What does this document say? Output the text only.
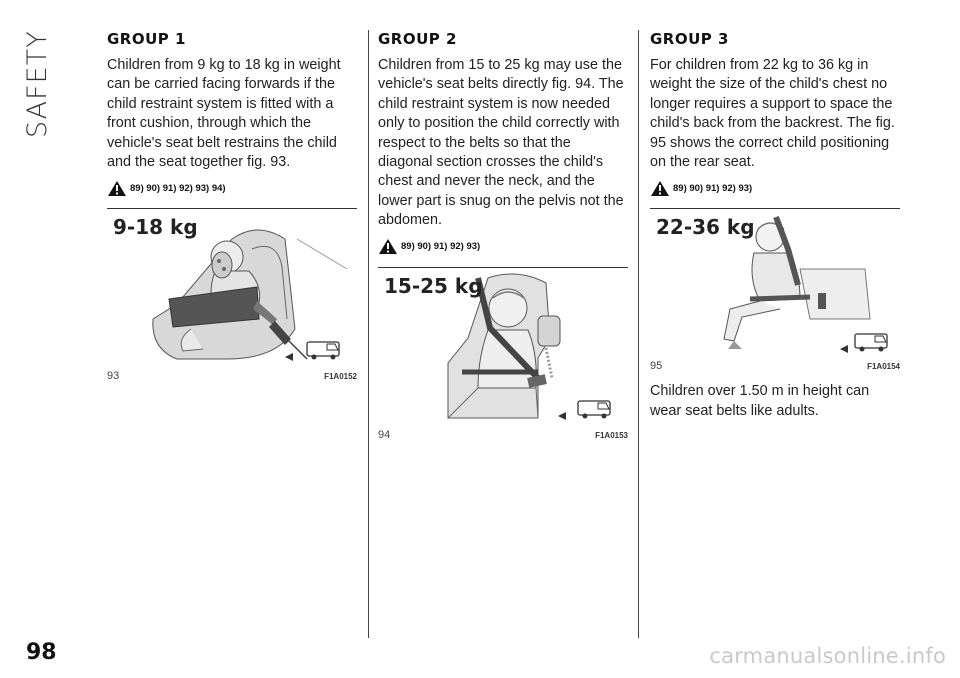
SAFETY
98
GROUP 1

Children from 9 kg to 18 kg in weight can be carried facing forwards if the child restraint system is fitted with a front cushion, through which the vehicle's seat belt restrains the child and the seat together fig. 93.

89) 90) 91) 92) 93) 94)
9-18 kg
93	F1A0152
GROUP 2

Children from 15 to 25 kg may use the vehicle's seat belts directly fig. 94. The child restraint system is now needed only to position the child correctly with respect to the belts so that the diagonal section crosses the child's chest and never the neck, and the lower part is snug on the pelvis not the abdomen.

89) 90) 91) 92) 93)
15-25 kg
94	F1A0153
GROUP 3

For children from 22 kg to 36 kg in weight the size of the child's chest no longer requires a support to space the child's back from the backrest. The fig. 95 shows the correct child positioning on the rear seat.

89) 90) 91) 92) 93)
22-36 kg
95	F1A0154

Children over 1.50 m in height can wear seat belts like adults.

carmanualsonline.info
